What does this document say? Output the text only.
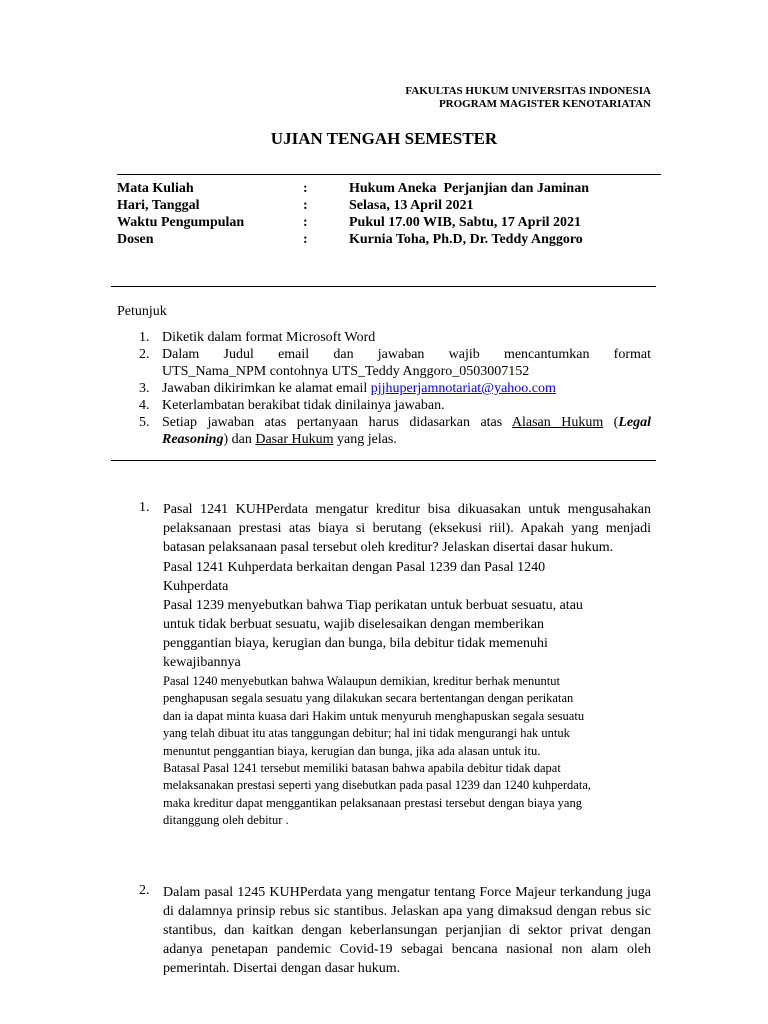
FAKULTAS HUKUM UNIVERSITAS INDONESIA
PROGRAM MAGISTER KENOTARIATAN
UJIAN TENGAH SEMESTER
Mata Kuliah	:	Hukum Aneka  Perjanjian dan Jaminan
Hari, Tanggal	:	Selasa, 13 April 2021
Waktu Pengumpulan	:	Pukul 17.00 WIB, Sabtu, 17 April 2021
Dosen	:	Kurnia Toha, Ph.D, Dr. Teddy Anggoro
Petunjuk
1. Diketik dalam format Microsoft Word
2. Dalam Judul email dan jawaban wajib mencantumkan format
UTS_Nama_NPM contohnya UTS_Teddy Anggoro_0503007152
3. Jawaban dikirimkan ke alamat email pjjhuperjamnotariat@yahoo.com
4. Keterlambatan berakibat tidak dinilainya jawaban.
5. Setiap jawaban atas pertanyaan harus didasarkan atas Alasan Hukum (Legal
Reasoning) dan Dasar Hukum yang jelas.
1. Pasal 1241 KUHPerdata mengatur kreditur bisa dikuasakan untuk mengusahakan pelaksanaan prestasi atas biaya si berutang (eksekusi riil). Apakah yang menjadi batasan pelaksanaan pasal tersebut oleh kreditur? Jelaskan disertai dasar hukum.
Pasal 1241 Kuhperdata berkaitan dengan Pasal 1239 dan Pasal 1240
Kuhperdata
Pasal 1239 menyebutkan bahwa Tiap perikatan untuk berbuat sesuatu, atau
untuk tidak berbuat sesuatu, wajib diselesaikan dengan memberikan
penggantian biaya, kerugian dan bunga, bila debitur tidak memenuhi
kewajibannya
Pasal 1240 menyebutkan bahwa Walaupun demikian, kreditur berhak menuntut
penghapusan segala sesuatu yang dilakukan secara bertentangan dengan perikatan
dan ia dapat minta kuasa dari Hakim untuk menyuruh menghapuskan segala sesuatu
yang telah dibuat itu atas tanggungan debitur; hal ini tidak mengurangi hak untuk
menuntut penggantian biaya, kerugian dan bunga, jika ada alasan untuk itu.
Batasal Pasal 1241 tersebut memiliki batasan bahwa apabila debitur tidak dapat
melaksanakan prestasi seperti yang disebutkan pada pasal 1239 dan 1240 kuhperdata,
maka kreditur dapat menggantikan pelaksanaan prestasi tersebut dengan biaya yang
ditanggung oleh debitur .
2. Dalam pasal 1245 KUHPerdata yang mengatur tentang Force Majeur terkandung juga di dalamnya prinsip rebus sic stantibus. Jelaskan apa yang dimaksud dengan rebus sic stantibus, dan kaitkan dengan keberlansungan perjanjian di sektor privat dengan adanya penetapan pandemic Covid-19 sebagai bencana nasional non alam oleh pemerintah. Disertai dengan dasar hukum.
